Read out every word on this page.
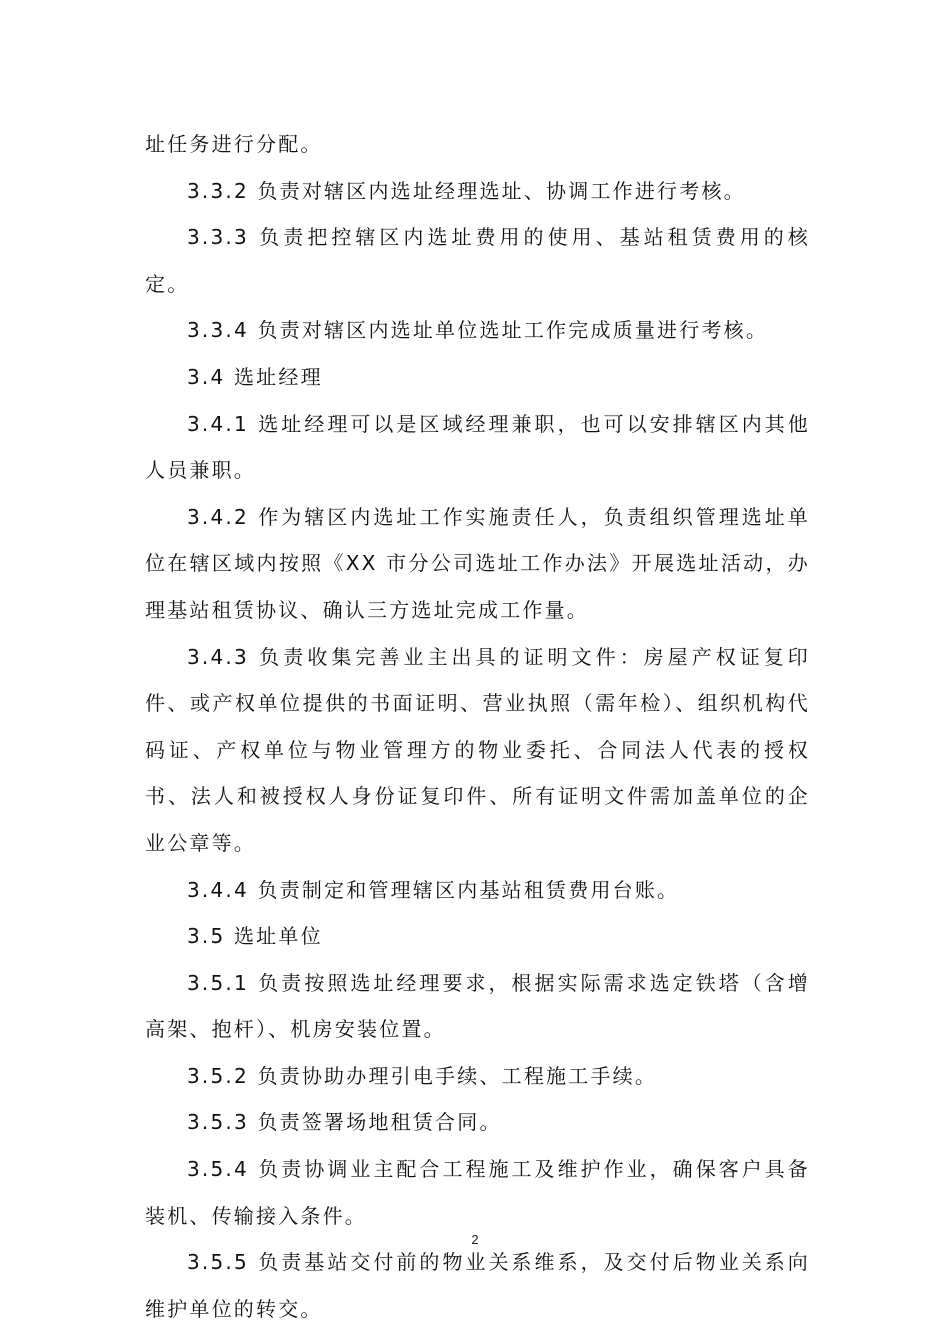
址任务进行分配。

3.3.2 负责对辖区内选址经理选址、协调工作进行考核。

3.3.3 负责把控辖区内选址费用的使用、基站租赁费用的核定。

3.3.4 负责对辖区内选址单位选址工作完成质量进行考核。

3.4 选址经理

3.4.1 选址经理可以是区域经理兼职，也可以安排辖区内其他人员兼职。

3.4.2 作为辖区内选址工作实施责任人，负责组织管理选址单位在辖区域内按照《XX 市分公司选址工作办法》开展选址活动，办理基站租赁协议、确认三方选址完成工作量。

3.4.3 负责收集完善业主出具的证明文件：房屋产权证复印件、或产权单位提供的书面证明、营业执照（需年检）、组织机构代码证、产权单位与物业管理方的物业委托、合同法人代表的授权书、法人和被授权人身份证复印件、所有证明文件需加盖单位的企业公章等。

3.4.4 负责制定和管理辖区内基站租赁费用台账。

3.5 选址单位

3.5.1 负责按照选址经理要求，根据实际需求选定铁塔（含增高架、抱杆）、机房安装位置。

3.5.2 负责协助办理引电手续、工程施工手续。

3.5.3 负责签署场地租赁合同。

3.5.4 负责协调业主配合工程施工及维护作业，确保客户具备装机、传输接入条件。

3.5.5 负责基站交付前的物业关系维系，及交付后物业关系向维护单位的转交。

2
